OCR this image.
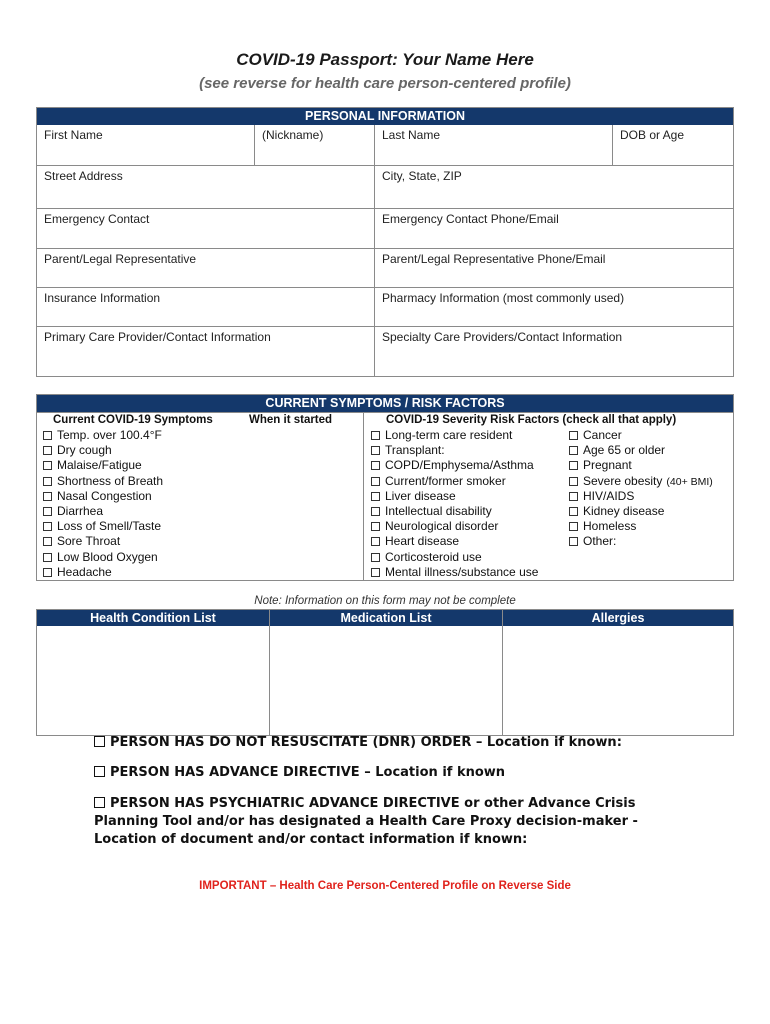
COVID-19 Passport: Your Name Here
(see reverse for health care person-centered profile)
PERSONAL INFORMATION
First Name	(Nickname)	Last Name	DOB or Age
Street Address	City, State, ZIP
Emergency Contact	Emergency Contact Phone/Email
Parent/Legal Representative	Parent/Legal Representative Phone/Email
Insurance Information	Pharmacy Information (most commonly used)
Primary Care Provider/Contact Information	Specialty Care Providers/Contact Information
CURRENT SYMPTOMS / RISK FACTORS
Current COVID-19 Symptoms	When it started
Temp. over 100.4°F
Dry cough
Malaise/Fatigue
Shortness of Breath
Nasal Congestion
Diarrhea
Loss of Smell/Taste
Sore Throat
Low Blood Oxygen
Headache
COVID-19 Severity Risk Factors (check all that apply)
Long-term care resident
Transplant:
COPD/Emphysema/Asthma
Current/former smoker
Liver disease
Intellectual disability
Neurological disorder
Heart disease
Corticosteroid use
Mental illness/substance use
Cancer
Age 65 or older
Pregnant
Severe obesity (40+ BMI)
HIV/AIDS
Kidney disease
Homeless
Other:
Note: Information on this form may not be complete
Health Condition List	Medication List	Allergies
PERSON HAS DO NOT RESUSCITATE (DNR) ORDER – Location if known:
PERSON HAS ADVANCE DIRECTIVE – Location if known
PERSON HAS PSYCHIATRIC ADVANCE DIRECTIVE or other Advance Crisis Planning Tool and/or has designated a Health Care Proxy decision-maker - Location of document and/or contact information if known:
IMPORTANT – Health Care Person-Centered Profile on Reverse Side
